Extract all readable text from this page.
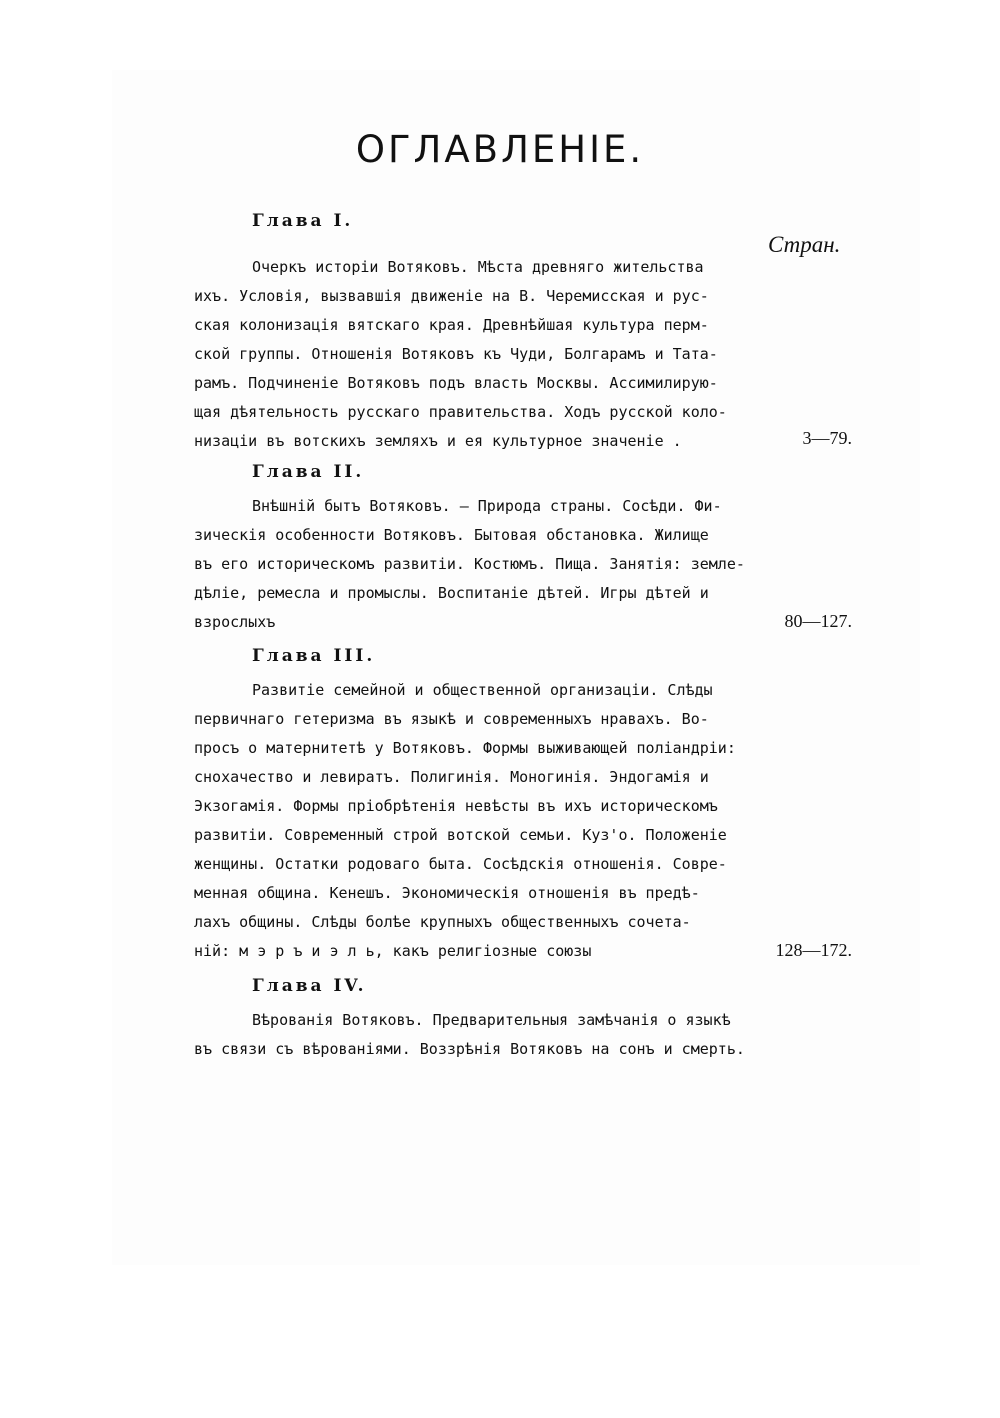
ОГЛАВЛЕНІЕ.
Стран.
Глава I.
Очеркъ исторіи Вотяковъ. Мѣста древняго жительства
ихъ. Условія, вызвавшія движеніе на В. Черемисская и рус-
ская колонизація вятскаго края. Древнѣйшая культура перм-
ской группы. Отношенія Вотяковъ къ Чуди, Болгарамъ и Тата-
рамъ. Подчиненіе Вотяковъ подъ власть Москвы. Ассимилирую-
щая дѣятельность русскаго правительства. Ходъ русской коло-
низаціи въ вотскихъ земляхъ и ея культурное значеніе .	3—79.
Глава II.
Внѣшній бытъ Вотяковъ. — Природа страны. Сосѣди. Фи-
зическія особенности Вотяковъ. Бытовая обстановка. Жилище
въ его историческомъ развитіи. Костюмъ. Пища. Занятія: земле-
дѣліе, ремесла и промыслы. Воспитаніе дѣтей. Игры дѣтей и
взрослыхъ	80—127.
Глава III.
Развитіе семейной и общественной организаціи. Слѣды
первичнаго гетеризма въ языкѣ и современныхъ нравахъ. Во-
просъ о матернитетѣ у Вотяковъ. Формы выживающей поліандріи:
снохачество и левиратъ. Полигинія. Моногинія. Эндогамія и
Экзогамія. Формы пріобрѣтенія невѣсты въ ихъ историческомъ
развитіи. Современный строй вотской семьи. Куз'о. Положеніе
женщины. Остатки родоваго быта. Сосѣдскія отношенія. Совре-
менная община. Кенешъ. Экономическія отношенія въ предѣ-
лахъ общины. Слѣды болѣе крупныхъ общественныхъ сочета-
ній: м э р ъ и э л ь, какъ религіозные союзы	128—172.
Глава IV.
Вѣрованія Вотяковъ. Предварительныя замѣчанія о языкѣ
въ связи съ вѣрованіями. Воззрѣнія Вотяковъ на сонъ и смерть.
